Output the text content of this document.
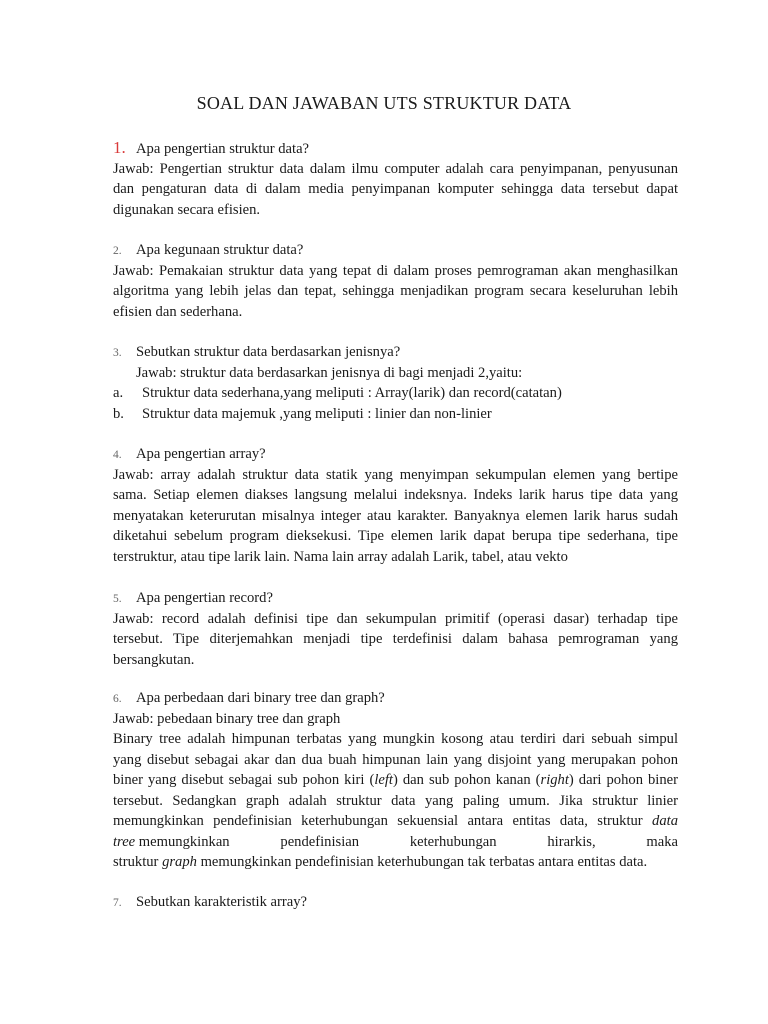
SOAL DAN JAWABAN UTS STRUKTUR DATA
1. Apa pengertian struktur data?
Jawab: Pengertian struktur data dalam ilmu computer adalah cara penyimpanan, penyusunan
dan pengaturan data di dalam media penyimpanan komputer sehingga data tersebut dapat
digunakan secara efisien.
2. Apa kegunaan struktur data?
Jawab: Pemakaian struktur data yang tepat di dalam proses pemrograman akan menghasilkan
algoritma yang lebih jelas dan tepat, sehingga menjadikan program secara keseluruhan lebih
efisien dan sederhana.
3. Sebutkan struktur data berdasarkan jenisnya?
Jawab: struktur data berdasarkan jenisnya di bagi menjadi 2,yaitu:
a. Struktur data sederhana,yang meliputi : Array(larik) dan record(catatan)
b. Struktur data majemuk ,yang meliputi : linier dan non-linier
4. Apa pengertian array?
Jawab: array adalah struktur data statik yang menyimpan sekumpulan elemen yang bertipe
sama. Setiap elemen diakses langsung melalui indeksnya. Indeks larik harus tipe data yang
menyatakan keterurutan misalnya integer atau karakter. Banyaknya elemen larik harus sudah
diketahui sebelum program dieksekusi. Tipe elemen larik dapat berupa tipe sederhana, tipe
terstruktur, atau tipe larik lain. Nama lain array adalah Larik, tabel, atau vekto
5. Apa pengertian record?
Jawab: record adalah definisi tipe dan sekumpulan primitif (operasi dasar) terhadap tipe
tersebut. Tipe diterjemahkan menjadi tipe terdefinisi dalam bahasa pemrograman yang
bersangkutan.
6. Apa perbedaan dari binary tree dan graph?
Jawab: pebedaan binary tree dan graph
Binary tree adalah himpunan terbatas yang mungkin kosong atau terdiri dari sebuah simpul
yang disebut sebagai akar dan dua buah himpunan lain yang disjoint yang merupakan pohon
biner yang disebut sebagai sub pohon kiri (left) dan sub pohon kanan (right) dari pohon biner
tersebut. Sedangkan graph adalah struktur data yang paling umum. Jika struktur linier
memungkinkan pendefinisian keterhubungan sekuensial antara entitas data, struktur data
tree memungkinkan	pendefinisian	keterhubungan	hirarkis,	maka
struktur graph memungkinkan pendefinisian keterhubungan tak terbatas antara entitas data.
7. Sebutkan karakteristik array?
